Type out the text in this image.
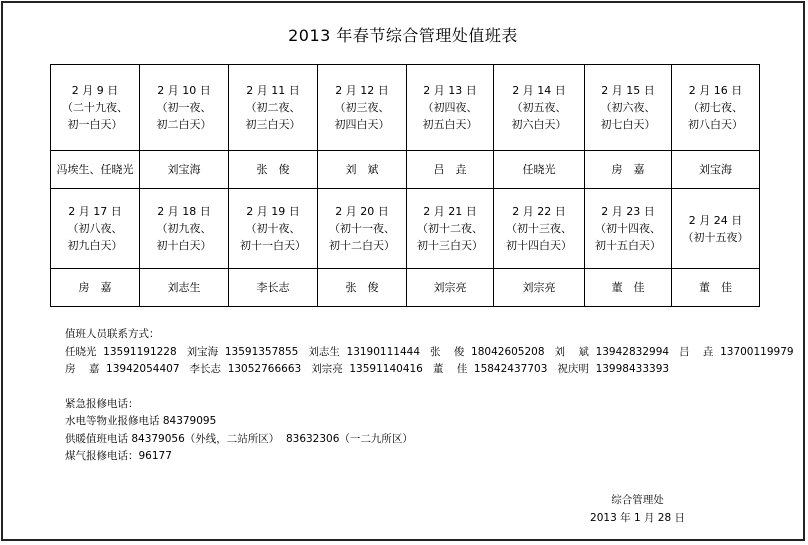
2013 年春节综合管理处值班表
2 月 9 日
（二十九夜、
初一白天）	2 月 10 日
（初一夜、
初二白天）	2 月 11 日
（初二夜、
初三白天）	2 月 12 日
（初三夜、
初四白天）	2 月 13 日
（初四夜、
初五白天）	2 月 14 日
（初五夜、
初六白天）	2 月 15 日
（初六夜、
初七白天）	2 月 16 日
（初七夜、
初八白天）

冯埃生、任晓光	刘宝海	张　俊	刘　斌	吕　垚	任晓光	房　嘉	刘宝海

2 月 17 日
（初八夜、
初九白天）	2 月 18 日
（初九夜、
初十白天）	2 月 19 日
（初十夜、
初十一白天）	2 月 20 日
（初十一夜、
初十二白天）	2 月 21 日
（初十二夜、
初十三白天）	2 月 22 日
（初十三夜、
初十四白天）	2 月 23 日
（初十四夜、
初十五白天）	2 月 24 日
（初十五夜）

房　嘉	刘志生	李长志	张　俊	刘宗亮	刘宗亮	董　佳	董　佳
值班人员联系方式：
任晓光  13591191228   刘宝海  13591357855   刘志生  13190111444   张    俊  18042605208   刘    斌  13942832994   吕    垚  13700119979
房    嘉  13942054407   李长志  13052766663   刘宗亮  13591140416   董    佳  15842437703   祝庆明  13998433393
紧急报修电话：
水电等物业报修电话 84379095
供暖值班电话 84379056（外线，二站所区）  83632306（一二九所区）
煤气报修电话：96177
综合管理处
2013 年 1 月 28 日
